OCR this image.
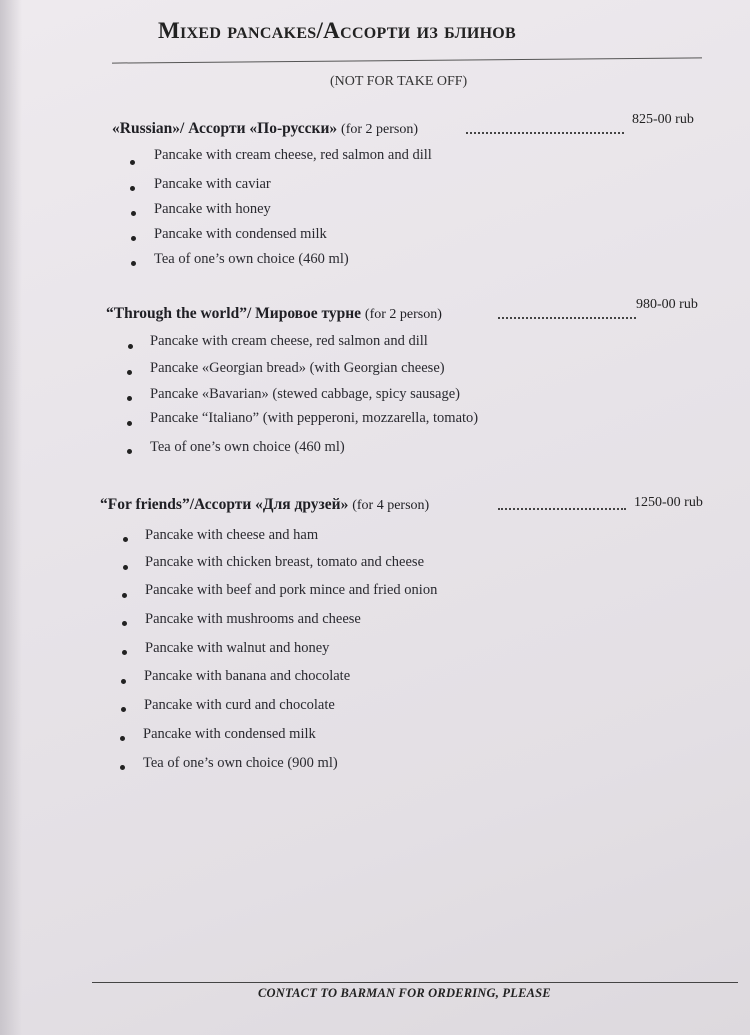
Mixed pancakes/Ассорти из блинов
(NOT FOR TAKE OFF)
«Russian»/ Ассорти «По-русски» (for 2 person)
825-00 rub
Pancake with cream cheese, red salmon and dill
Pancake with caviar
Pancake with honey
Pancake with condensed milk
Tea of one’s own choice (460 ml)
“Through the world”/ Мировое турне (for 2 person)
980-00 rub
Pancake with cream cheese, red salmon and dill
Pancake «Georgian bread» (with Georgian cheese)
Pancake «Bavarian» (stewed cabbage, spicy sausage)
Pancake “Italiano” (with pepperoni, mozzarella, tomato)
Tea of one’s own choice (460 ml)
“For friends”/Ассорти «Для друзей» (for 4 person)	1250-00 rub
Pancake with cheese and ham
Pancake with chicken breast, tomato and cheese
Pancake with beef and pork mince and fried onion
Pancake with mushrooms and cheese
Pancake with walnut and honey
Pancake with banana and chocolate
Pancake with curd and chocolate
Pancake with condensed milk
Tea of one’s own choice (900 ml)
CONTACT TO BARMAN FOR ORDERING, PLEASE
